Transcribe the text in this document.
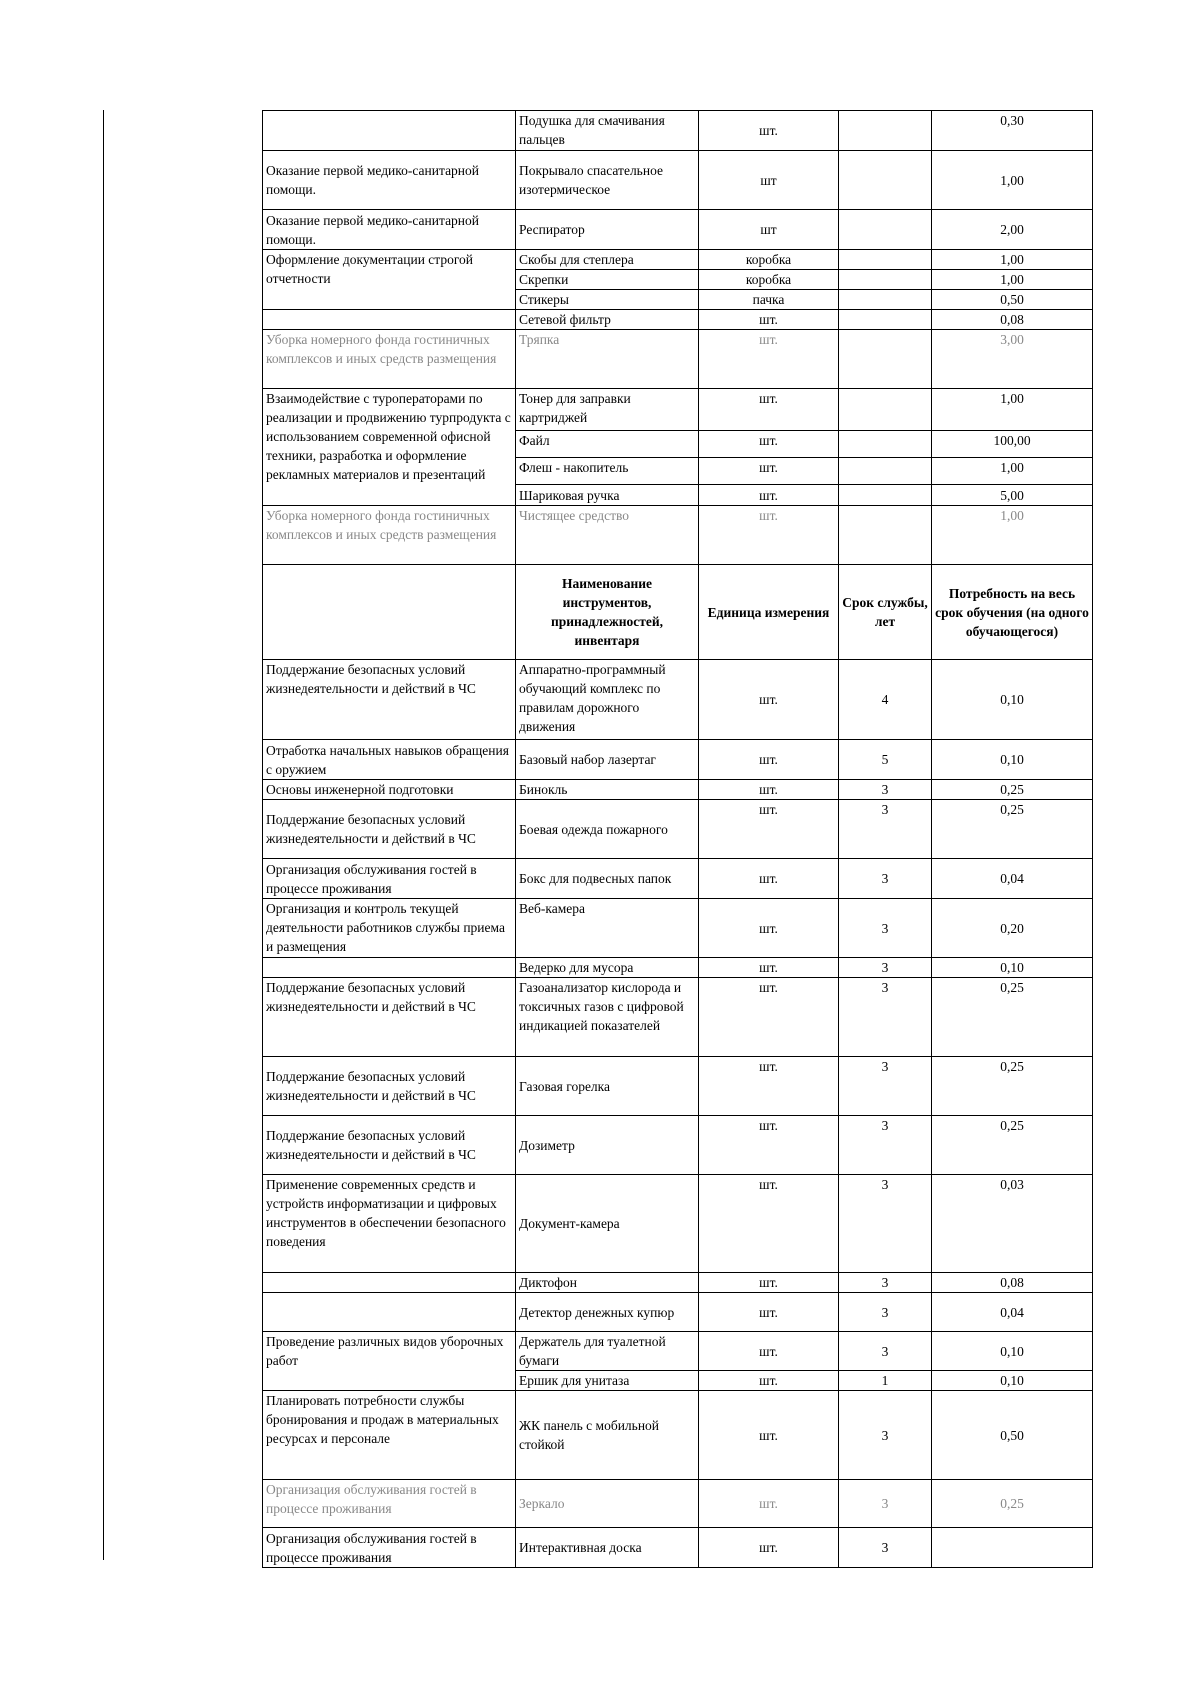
	Подушка для смачивания пальцев	шт.		0,30
Оказание первой медико-санитарной помощи.	Покрывало спасательное изотермическое	шт		1,00
Оказание первой медико-санитарной помощи.	Респиратор	шт		2,00
Оформление документации строгой отчетности	Скобы для степлера	коробка		1,00
	Скрепки	коробка		1,00
	Стикеры	пачка		0,50
	Сетевой фильтр	шт.		0,08
Уборка номерного фонда гостиничных комплексов и иных средств размещения	Тряпка	шт.		3,00
Взаимодействие с туроператорами по реализации и продвижению турпродукта с использованием современной офисной техники, разработка и оформление рекламных материалов и презентаций	Тонер для заправки картриджей	шт.		1,00
	Файл	шт.		100,00
	Флеш - накопитель	шт.		1,00
	Шариковая ручка	шт.		5,00
Уборка номерного фонда гостиничных комплексов и иных средств размещения	Чистящее средство	шт.		1,00
	Наименование инструментов, принадлежностей, инвентаря	Единица измерения	Срок службы, лет	Потребность на весь срок обучения (на одного обучающегося)
Поддержание безопасных условий жизнедеятельности и действий в ЧС	Аппаратно-программный обучающий комплекс по правилам дорожного движения	шт.	4	0,10
Отработка начальных навыков обращения с оружием	Базовый набор лазертаг	шт.	5	0,10
Основы инженерной подготовки	Бинокль	шт.	3	0,25
Поддержание безопасных условий жизнедеятельности и действий в ЧС	Боевая одежда пожарного	шт.	3	0,25
Организация обслуживания гостей в процессе проживания	Бокс для подвесных папок	шт.	3	0,04
Организация и контроль текущей деятельности работников службы приема и размещения	Веб-камера	шт.	3	0,20
	Ведерко для мусора	шт.	3	0,10
Поддержание безопасных условий жизнедеятельности и действий в ЧС	Газоанализатор кислорода и токсичных газов с цифровой индикацией показателей	шт.	3	0,25
Поддержание безопасных условий жизнедеятельности и действий в ЧС	Газовая горелка	шт.	3	0,25
Поддержание безопасных условий жизнедеятельности и действий в ЧС	Дозиметр	шт.	3	0,25
Применение современных средств и устройств информатизации и цифровых инструментов в обеспечении безопасного поведения	Документ-камера	шт.	3	0,03
	Диктофон	шт.	3	0,08
	Детектор денежных купюр	шт.	3	0,04
Проведение различных видов уборочных работ	Держатель для туалетной бумаги	шт.	3	0,10
	Ершик для унитаза	шт.	1	0,10
Планировать потребности службы бронирования и продаж в материальных ресурсах и персонале	ЖК панель с мобильной стойкой	шт.	3	0,50
Организация обслуживания гостей в процессе проживания	Зеркало	шт.	3	0,25
Организация обслуживания гостей в процессе проживания	Интерактивная доска	шт.	3	
